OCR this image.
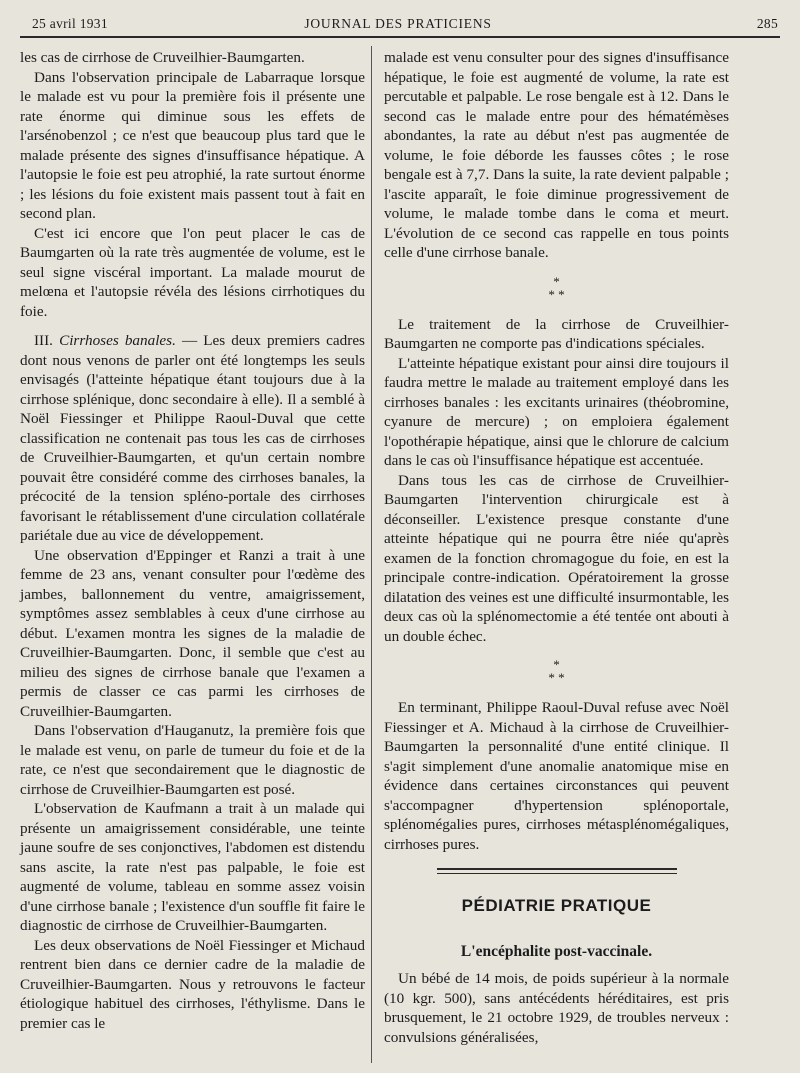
25 avril 1931	JOURNAL DES PRATICIENS	285

les cas de cirrhose de Cruveilhier-Baumgarten.

Dans l'observation principale de Labarraque lorsque le malade est vu pour la première fois il présente une rate énorme qui diminue sous les effets de l'arsénobenzol ; ce n'est que beaucoup plus tard que le malade présente des signes d'insuffisance hépatique. A l'autopsie le foie est peu atrophié, la rate surtout énorme ; les lésions du foie existent mais passent tout à fait en second plan.

C'est ici encore que l'on peut placer le cas de Baumgarten où la rate très augmentée de volume, est le seul signe viscéral important. La malade mourut de melœna et l'autopsie révéla des lésions cirrhotiques du foie.

III. Cirrhoses banales. — Les deux premiers cadres dont nous venons de parler ont été longtemps les seuls envisagés (l'atteinte hépatique étant toujours due à la cirrhose splénique, donc secondaire à elle). Il a semblé à Noël Fiessinger et Philippe Raoul-Duval que cette classification ne contenait pas tous les cas de cirrhoses de Cruveilhier-Baumgarten, et qu'un certain nombre pouvait être considéré comme des cirrhoses banales, la précocité de la tension spléno-portale des cirrhoses favorisant le rétablissement d'une circulation collatérale pariétale due au vice de développement.

Une observation d'Eppinger et Ranzi a trait à une femme de 23 ans, venant consulter pour l'œdème des jambes, ballonnement du ventre, amaigrissement, symptômes assez semblables à ceux d'une cirrhose au début. L'examen montra les signes de la maladie de Cruveilhier-Baumgarten. Donc, il semble que c'est au milieu des signes de cirrhose banale que l'examen a permis de classer ce cas parmi les cirrhoses de Cruveilhier-Baumgarten.

Dans l'observation d'Hauganutz, la première fois que le malade est venu, on parle de tumeur du foie et de la rate, ce n'est que secondairement que le diagnostic de cirrhose de Cruveilhier-Baumgarten est posé.

L'observation de Kaufmann a trait à un malade qui présente un amaigrissement considérable, une teinte jaune soufre de ses conjonctives, l'abdomen est distendu sans ascite, la rate n'est pas palpable, le foie est augmenté de volume, tableau en somme assez voisin d'une cirrhose banale ; l'existence d'un souffle fit faire le diagnostic de cirrhose de Cruveilhier-Baumgarten.

Les deux observations de Noël Fiessinger et Michaud rentrent bien dans ce dernier cadre de la maladie de Cruveilhier-Baumgarten. Nous y retrouvons le facteur étiologique habituel des cirrhoses, l'éthylisme. Dans le premier cas le

malade est venu consulter pour des signes d'insuffisance hépatique, le foie est augmenté de volume, la rate est percutable et palpable. Le rose bengale est à 12. Dans le second cas le malade entre pour des hématémèses abondantes, la rate au début n'est pas augmentée de volume, le foie déborde les fausses côtes ; le rose bengale est à 7,7. Dans la suite, la rate devient palpable ; l'ascite apparaît, le foie diminue progressivement de volume, le malade tombe dans le coma et meurt. L'évolution de ce second cas rappelle en tous points celle d'une cirrhose banale.

*
* *

Le traitement de la cirrhose de Cruveilhier-Baumgarten ne comporte pas d'indications spéciales.

L'atteinte hépatique existant pour ainsi dire toujours il faudra mettre le malade au traitement employé dans les cirrhoses banales : les excitants urinaires (théobromine, cyanure de mercure) ; on emploiera également l'opothérapie hépatique, ainsi que le chlorure de calcium dans le cas où l'insuffisance hépatique est accentuée.

Dans tous les cas de cirrhose de Cruveilhier-Baumgarten l'intervention chirurgicale est à déconseiller. L'existence presque constante d'une atteinte hépatique qui ne pourra être niée qu'après examen de la fonction chromagogue du foie, en est la principale contre-indication. Opératoirement la grosse dilatation des veines est une difficulté insurmontable, les deux cas où la splénomectomie a été tentée ont abouti à un double échec.

*
* *

En terminant, Philippe Raoul-Duval refuse avec Noël Fiessinger et A. Michaud à la cirrhose de Cruveilhier-Baumgarten la personnalité d'une entité clinique. Il s'agit simplement d'une anomalie anatomique mise en évidence dans certaines circonstances qui peuvent s'accompagner d'hypertension splénoportale, splénomégalies pures, cirrhoses métasplénomégaliques, cirrhoses pures.

PÉDIATRIE PRATIQUE
L'encéphalite post-vaccinale.

Un bébé de 14 mois, de poids supérieur à la normale (10 kgr. 500), sans antécédents héréditaires, est pris brusquement, le 21 octobre 1929, de troubles nerveux : convulsions généralisées,
